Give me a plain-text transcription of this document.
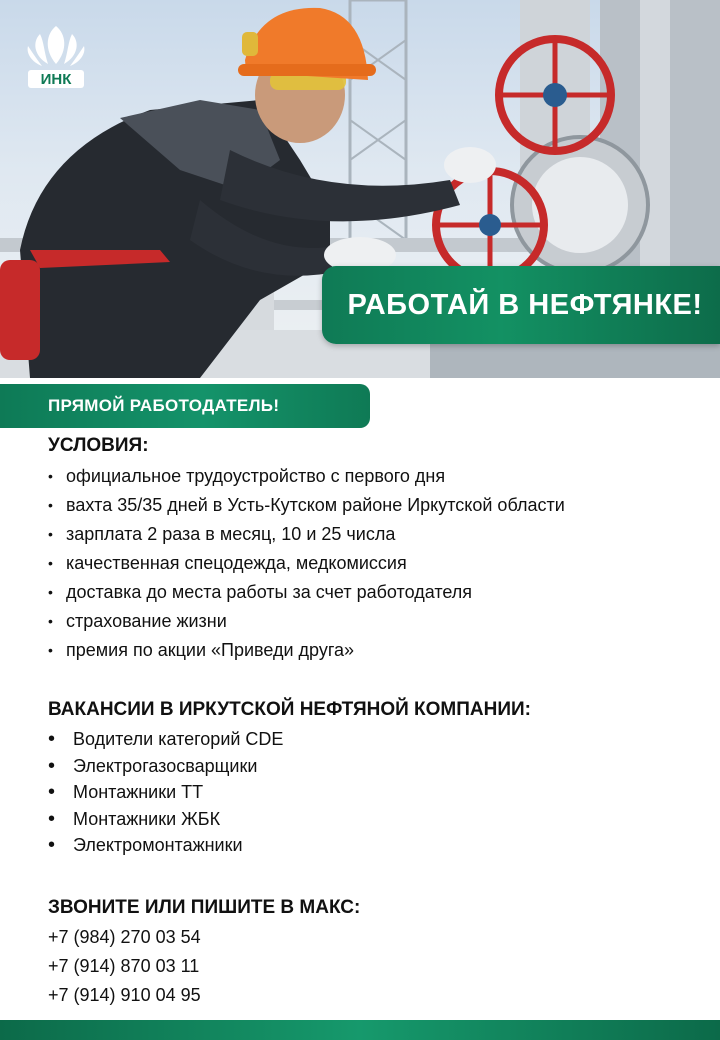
ИНК
РАБОТАЙ В НЕФТЯНКЕ!
ПРЯМОЙ РАБОТОДАТЕЛЬ!
УСЛОВИЯ:
• официальное трудоустройство с первого дня
• вахта 35/35 дней в Усть-Кутском районе Иркутской области
• зарплата 2 раза в месяц, 10 и 25 числа
• качественная спецодежда, медкомиссия
• доставка до места работы за счет работодателя
• страхование жизни
• премия по акции «Приведи друга»
ВАКАНСИИ В ИРКУТСКОЙ НЕФТЯНОЙ КОМПАНИИ:
• Водители категорий CDE
• Электрогазосварщики
• Монтажники ТТ
• Монтажники ЖБК
• Электромонтажники
ЗВОНИТЕ ИЛИ ПИШИТЕ В МАКС:
+7 (984) 270 03 54
+7 (914) 870 03 11
+7 (914) 910 04 95
